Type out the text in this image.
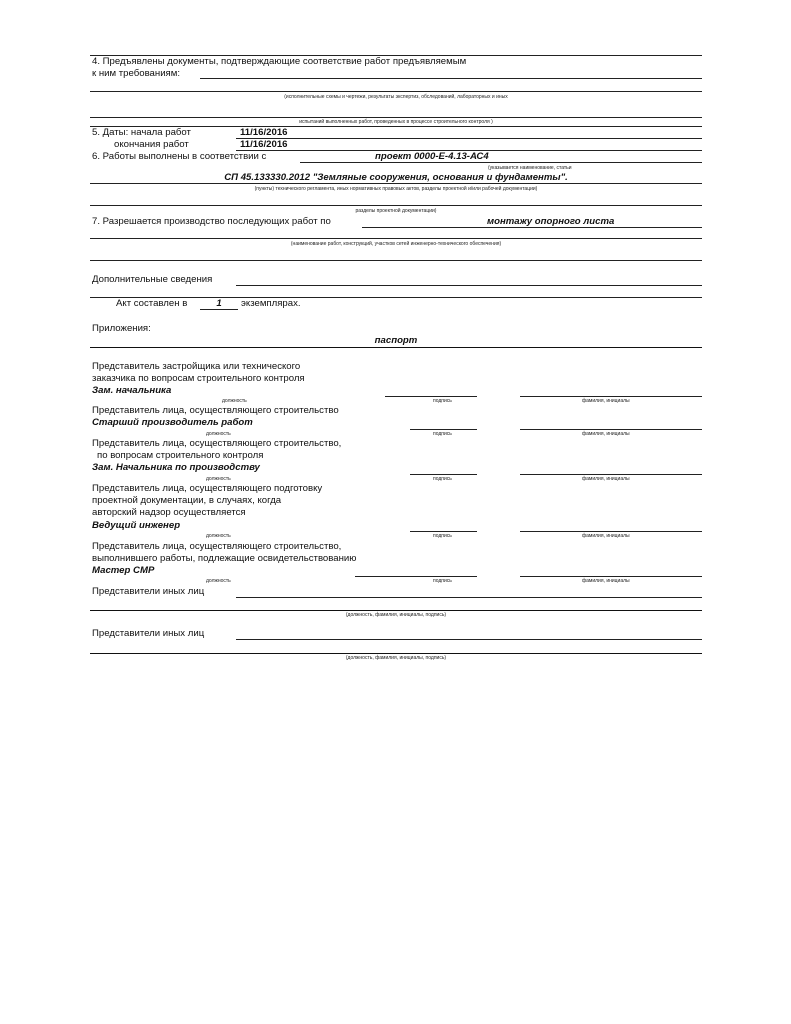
4. Предъявлены документы, подтверждающие соответствие работ предъявляемым
к ним требованиям:
(исполнительные схемы и чертежи, результаты экспертиз, обследований, лабораторных и иных
испытаний выполненных работ, проведенных в процессе строительного контроля )
5. Даты: начала работ	11/16/2016
окончания работ	11/16/2016
6. Работы выполнены в соответствии с	проект 0000-Е-4.13-АС4
(указывается наименование, статьи
СП 45.133330.2012 "Земляные сооружения, основания и фундаменты".
(пункты) технического регламента, иных нормативных правовых актов, разделы проектной и/или рабочей документации)
разделы проектной документации)
7. Разрешается производство последующих работ по	монтажу опорного листа
(наименование работ, конструкций, участков сетей инженерно-технического обеспечения)
Дополнительные сведения
Акт составлен в	1	экземплярах.
Приложения:
паспорт
Представитель застройщика или технического
заказчика по вопросам строительного контроля
Зам. начальника
должность	подпись	фамилия, инициалы
Представитель лица, осуществляющего строительство
Старший производитель работ
должность	подпись	фамилия, инициалы
Представитель лица, осуществляющего строительство,
по вопросам строительного контроля
Зам. Начальника по производству
должность	подпись	фамилия, инициалы
Представитель лица, осуществляющего подготовку
проектной документации, в случаях, когда
авторский надзор осуществляется
Ведущий инженер
должность	подпись	фамилия, инициалы
Представитель лица, осуществляющего строительство,
выполнившего работы, подлежащие освидетельствованию
Мастер СМР
должность	подпись	фамилия, инициалы
Представители иных лиц
(должность, фамилия, инициалы, подпись)
Представители иных лиц
(должность, фамилия, инициалы, подпись)
